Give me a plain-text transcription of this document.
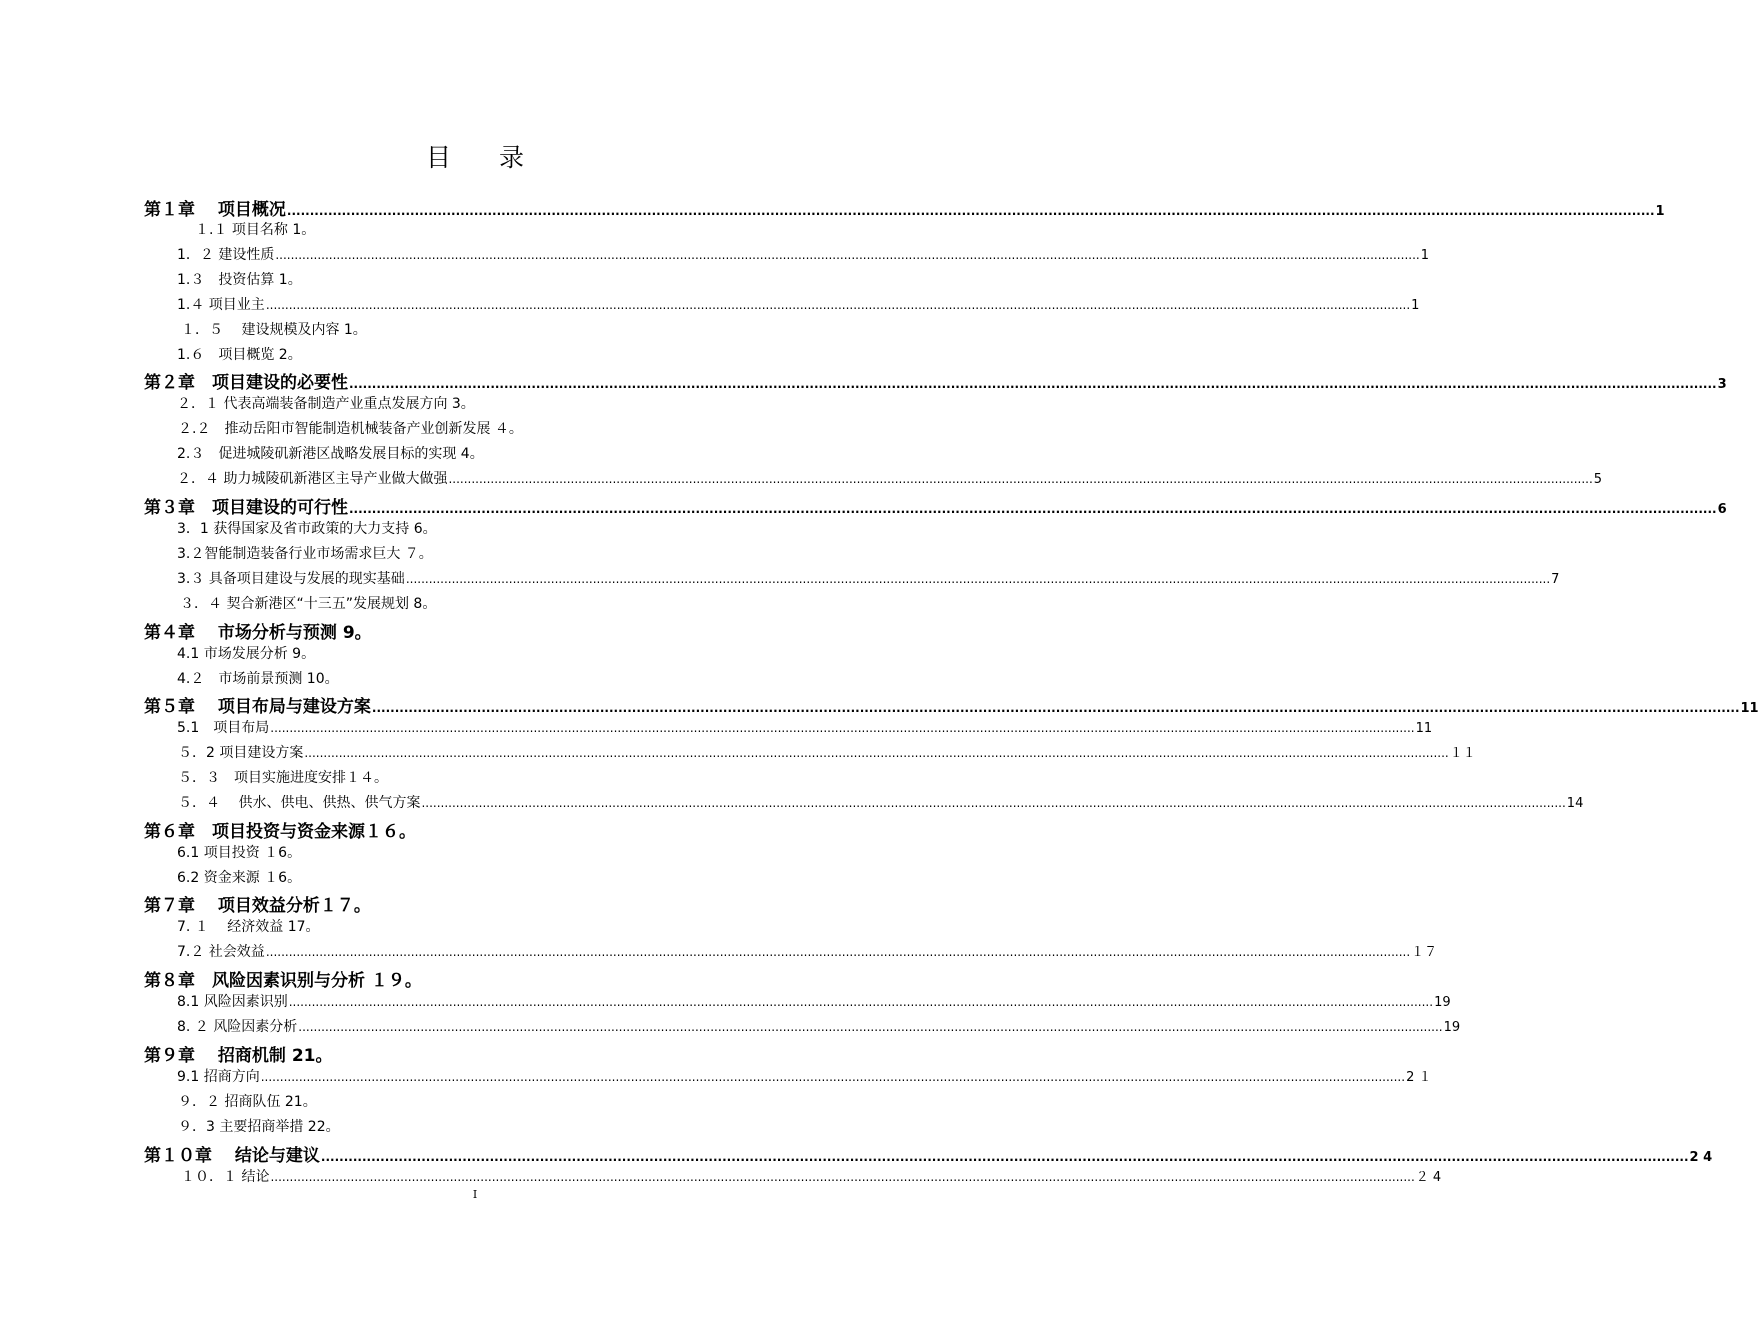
目 录
第１章　 项目概况 ............................................................................................................................................................................................................................................................................................................ 1
１.１ 项目名称 1。
1．２ 建设性质 ............................................................................................................................................................................................................................................................................................................ 1
1.３　投资估算 1。
1.４ 项目业主 ............................................................................................................................................................................................................................................................................................................ 1
１．５　 建设规模及内容 1。
1.６　项目概览 2。
第２章　项目建设的必要性 ............................................................................................................................................................................................................................................................................................................ 3
２．１ 代表高端装备制造产业重点发展方向 3。
２.２　推动岳阳市智能制造机械装备产业创新发展 ４。
2.３　促进城陵矶新港区战略发展目标的实现 4。
２．４ 助力城陵矶新港区主导产业做大做强 ............................................................................................................................................................................................................................................................................................................ 5
第３章　项目建设的可行性 ............................................................................................................................................................................................................................................................................................................ 6
3．1 获得国家及省市政策的大力支持 6。
3.２智能制造装备行业市场需求巨大 ７。
3.３ 具备项目建设与发展的现实基础 ............................................................................................................................................................................................................................................................................................................ 7
３．４ 契合新港区“十三五”发展规划 8。
第４章　 市场分析与预测 9。
4.1 市场发展分析 9。
4.２　市场前景预测 10。
第５章　 项目布局与建设方案 ............................................................................................................................................................................................................................................................................................................ 11
5.1　项目布局 ............................................................................................................................................................................................................................................................................................................ 11
５．2 项目建设方案 ............................................................................................................................................................................................................................................................................................................ １１
５．３　项目实施进度安排１４。
５．４　 供水、供电、供热、供气方案 ............................................................................................................................................................................................................................................................................................................ 14
第６章　项目投资与资金来源１６。
6.1 项目投资 １6。
6.2 资金来源 １6。
第７章　 项目效益分析１７。
7. １　 经济效益 17。
7.２ 社会效益 ............................................................................................................................................................................................................................................................................................................ １７
第８章　风险因素识别与分析 １９。
8.1 风险因素识别 ............................................................................................................................................................................................................................................................................................................ 19
8. ２ 风险因素分析 ............................................................................................................................................................................................................................................................................................................ 19
第９章　 招商机制 21。
9.1 招商方向 ............................................................................................................................................................................................................................................................................................................ 2 １
９．２ 招商队伍 21。
９．3 主要招商举措 22。
第１０章　 结论与建议 ............................................................................................................................................................................................................................................................................................................ 2 4
１０．１ 结论 ............................................................................................................................................................................................................................................................................................................ ２ 4
I
